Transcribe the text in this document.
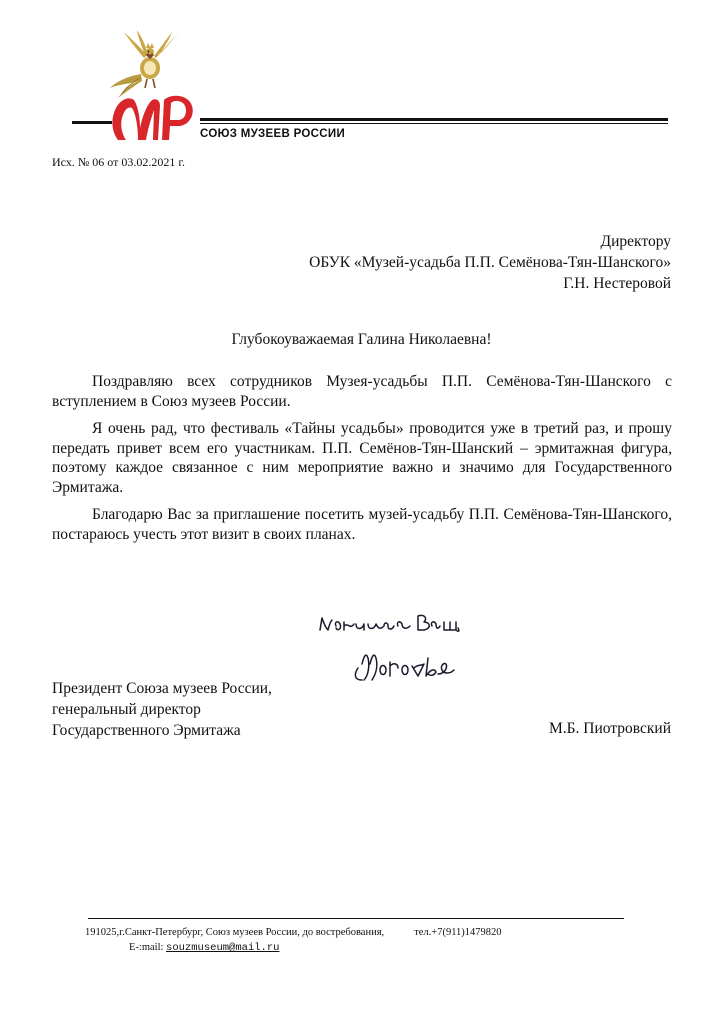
СОЮЗ МУЗЕЕВ РОССИИ
Исх. № 06 от 03.02.2021 г.
Директору
ОБУК «Музей-усадьба П.П. Семёнова-Тян-Шанского»
Г.Н. Нестеровой
Глубокоуважаемая Галина Николаевна!

Поздравляю всех сотрудников Музея-усадьбы П.П. Семёнова-Тян-Шанского с вступлением в Союз музеев России.

Я очень рад, что фестиваль «Тайны усадьбы» проводится уже в третий раз, и прошу передать привет всем его участникам. П.П. Семёнов-Тян-Шанский – эрмитажная фигура, поэтому каждое связанное с ним мероприятие важно и значимо для Государственного Эрмитажа.

Благодарю Вас за приглашение посетить музей-усадьбу П.П. Семёнова-Тян-Шанского, постараюсь учесть этот визит в своих планах.

Президент Союза музеев России,
генеральный директор
Государственного Эрмитажа	М.Б. Пиотровский
191025,г.Санкт-Петербург, Союз музеев России, до востребования,	тел.+7(911)1479820
E-:mail: souzmuseum@mail.ru
